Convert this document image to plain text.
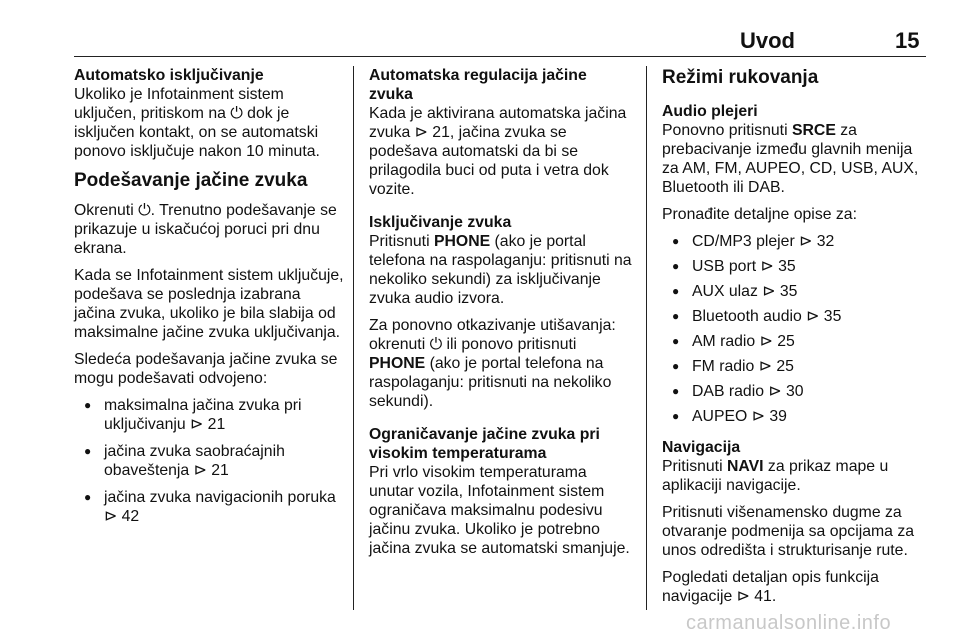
Uvod	15
Automatsko isključivanje

Ukoliko je Infotainment sistem uključen, pritiskom na ⏻ dok je isključen kontakt, on se automatski ponovo isključuje nakon 10 minuta.

Podešavanje jačine zvuka

Okrenuti ⏻. Trenutno podešavanje se prikazuje u iskačućoj poruci pri dnu ekrana.

Kada se Infotainment sistem uključuje, podešava se poslednja izabrana jačina zvuka, ukoliko je bila slabija od maksimalne jačine zvuka uključivanja.

Sledeća podešavanja jačine zvuka se mogu podešavati odvojeno:

● maksimalna jačina zvuka pri uključivanju ⊳ 21
● jačina zvuka saobraćajnih obaveštenja ⊳ 21
● jačina zvuka navigacionih poruka ⊳ 42
Automatska regulacija jačine zvuka

Kada je aktivirana automatska jačina zvuka ⊳ 21, jačina zvuka se podešava automatski da bi se prilagodila buci od puta i vetra dok vozite.

Isključivanje zvuka

Pritisnuti PHONE (ako je portal telefona na raspolaganju: pritisnuti na nekoliko sekundi) za isključivanje zvuka audio izvora.

Za ponovno otkazivanje utišavanja: okrenuti ⏻ ili ponovo pritisnuti PHONE (ako je portal telefona na raspolaganju: pritisnuti na nekoliko sekundi).

Ograničavanje jačine zvuka pri visokim temperaturama

Pri vrlo visokim temperaturama unutar vozila, Infotainment sistem ograničava maksimalnu podesivu jačinu zvuka. Ukoliko je potrebno jačina zvuka se automatski smanjuje.

Režimi rukovanja
Audio plejeri

Ponovno pritisnuti SRCE za prebacivanje između glavnih menija za AM, FM, AUPEO, CD, USB, AUX, Bluetooth ili DAB.

Pronađite detaljne opise za:

● CD/MP3 plejer ⊳ 32
● USB port ⊳ 35
● AUX ulaz ⊳ 35
● Bluetooth audio ⊳ 35
● AM radio ⊳ 25
● FM radio ⊳ 25
● DAB radio ⊳ 30
● AUPEO ⊳ 39
Navigacija

Pritisnuti NAVI za prikaz mape u aplikaciji navigacije.

Pritisnuti višenamensko dugme za otvaranje podmenija sa opcijama za unos odredišta i strukturisanje rute.

Pogledati detaljan opis funkcija navigacije ⊳ 41.

carmanualsonline.info
